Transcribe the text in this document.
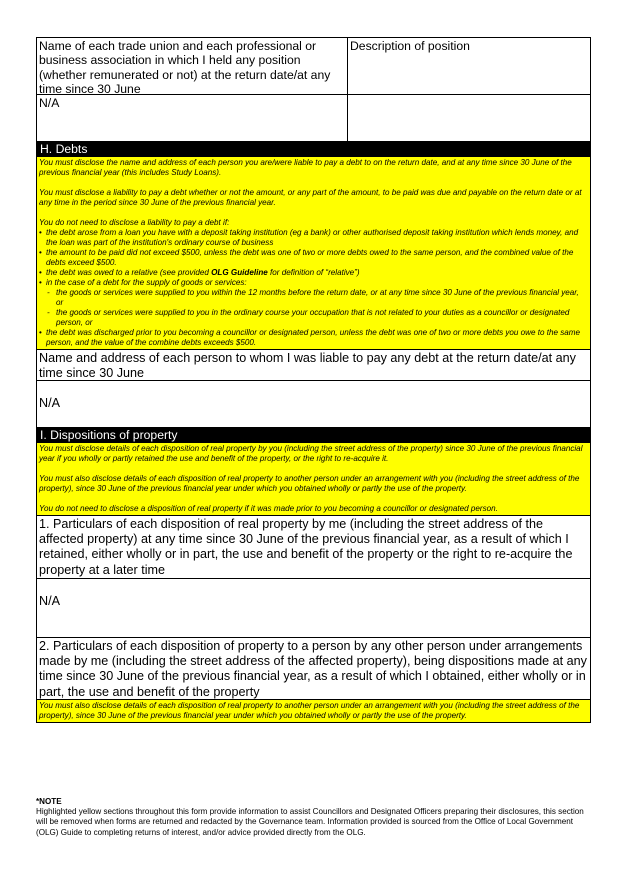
Name of each trade union and each professional or business association in which I held any position (whether remunerated or not) at the return date/at any time since 30 June
Description of position
N/A
H. Debts

You must disclose the name and address of each person you are/were liable to pay a debt to on the return date, and at any time since 30 June of the previous financial year (this includes Study Loans).

You must disclose a liability to pay a debt whether or not the amount, or any part of the amount, to be paid was due and payable on the return date or at any time in the period since 30 June of the previous financial year.

You do not need to disclose a liability to pay a debt if:

• the debt arose from a loan you have with a deposit taking institution (eg a bank) or other authorised deposit taking institution which lends money, and the loan was part of the institution's ordinary course of business
• the amount to be paid did not exceed $500, unless the debt was one of two or more debts owed to the same person, and the combined value of the debts exceed $500.
• the debt was owed to a relative (see provided OLG Guideline for definition of “relative”)
• in the case of a debt for the supply of goods or services:
- the goods or services were supplied to you within the 12 months before the return date, or at any time since 30 June of the previous financial year, or
- the goods or services were supplied to you in the ordinary course your occupation that is not related to your duties as a councillor or designated person, or
• the debt was discharged prior to you becoming a councillor or designated person, unless the debt was one of two or more debts you owe to the same person, and the value of the combine debts exceeds $500.
Name and address of each person to whom I was liable to pay any debt at the return date/at any time since 30 June
N/A
I. Dispositions of property

You must disclose details of each disposition of real property by you (including the street address of the property) since 30 June of the previous financial year if you wholly or partly retained the use and benefit of the property, or the right to re-acquire it.

You must also disclose details of each disposition of real property to another person under an arrangement with you (including the street address of the property), since 30 June of the previous financial year under which you obtained wholly or partly the use of the property.

You do not need to disclose a disposition of real property if it was made prior to you becoming a councillor or designated person.

1. Particulars of each disposition of real property by me (including the street address of the affected property) at any time since 30 June of the previous financial year, as a result of which I retained, either wholly or in part, the use and benefit of the property or the right to re-acquire the property at a later time
N/A
2. Particulars of each disposition of property to a person by any other person under arrangements made by me (including the street address of the affected property), being dispositions made at any time since 30 June of the previous financial year, as a result of which I obtained, either wholly or in part, the use and benefit of the property
You must also disclose details of each disposition of real property to another person under an arrangement with you (including the street address of the property), since 30 June of the previous financial year under which you obtained wholly or partly the use of the property.
*NOTE
Highlighted yellow sections throughout this form provide information to assist Councillors and Designated Officers preparing their disclosures, this section will be removed when forms are returned and redacted by the Governance team. Information provided is sourced from the Office of Local Government (OLG) Guide to completing returns of interest, and/or advice provided directly from the OLG.
